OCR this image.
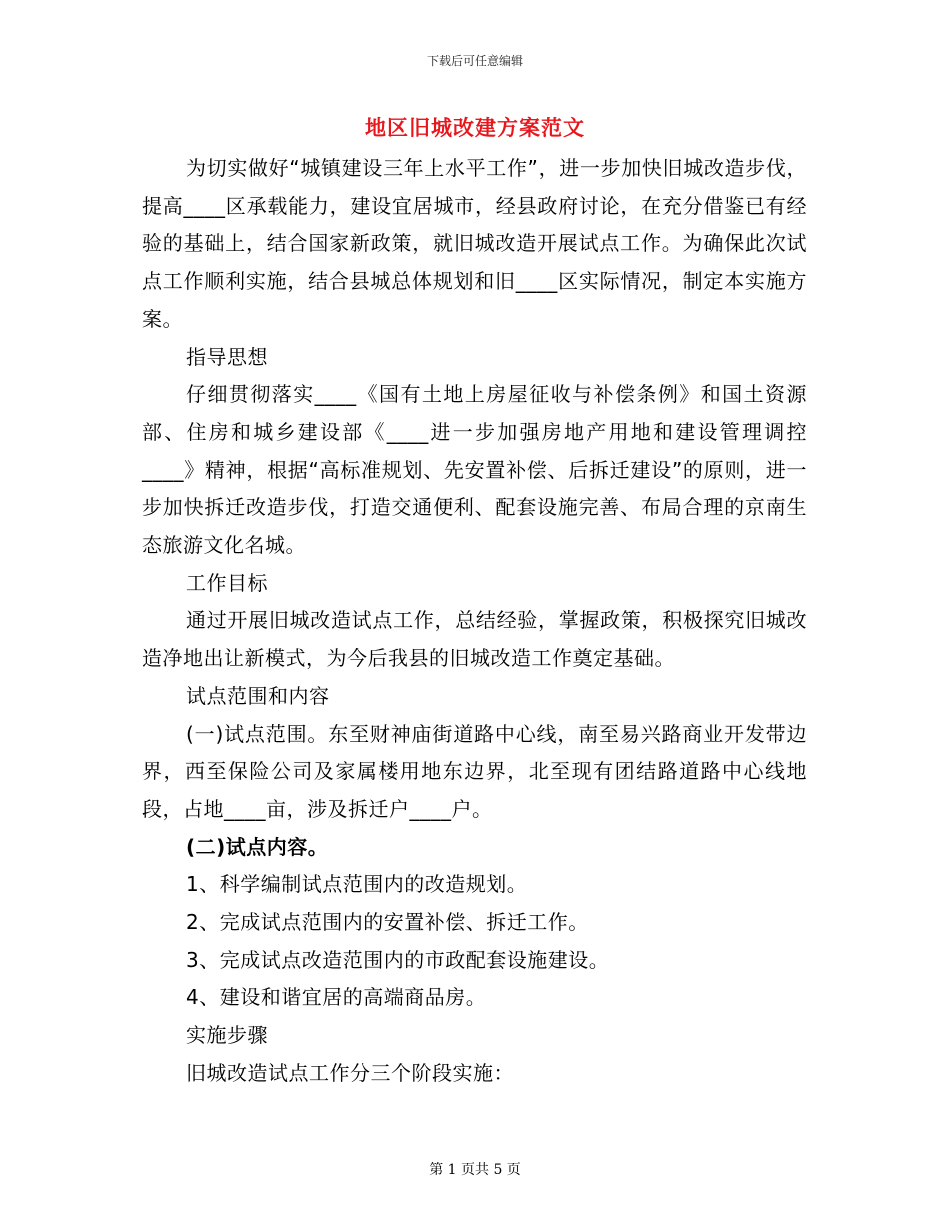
下载后可任意编辑
地区旧城改建方案范文

为切实做好“城镇建设三年上水平工作”，进一步加快旧城改造步伐，提高____区承载能力，建设宜居城市，经县政府讨论，在充分借鉴已有经验的基础上，结合国家新政策，就旧城改造开展试点工作。为确保此次试点工作顺利实施，结合县城总体规划和旧____区实际情况，制定本实施方案。

指导思想

仔细贯彻落实____《国有土地上房屋征收与补偿条例》和国土资源部、住房和城乡建设部《____进一步加强房地产用地和建设管理调控____》精神，根据“高标准规划、先安置补偿、后拆迁建设”的原则，进一步加快拆迁改造步伐，打造交通便利、配套设施完善、布局合理的京南生态旅游文化名城。

工作目标

通过开展旧城改造试点工作，总结经验，掌握政策，积极探究旧城改造净地出让新模式，为今后我县的旧城改造工作奠定基础。

试点范围和内容

(一)试点范围。东至财神庙街道路中心线，南至易兴路商业开发带边界，西至保险公司及家属楼用地东边界，北至现有团结路道路中心线地段，占地____亩，涉及拆迁户____户。

(二)试点内容。

1、科学编制试点范围内的改造规划。

2、完成试点范围内的安置补偿、拆迁工作。

3、完成试点改造范围内的市政配套设施建设。

4、建设和谐宜居的高端商品房。

实施步骤

旧城改造试点工作分三个阶段实施：

第 1 页共 5 页
